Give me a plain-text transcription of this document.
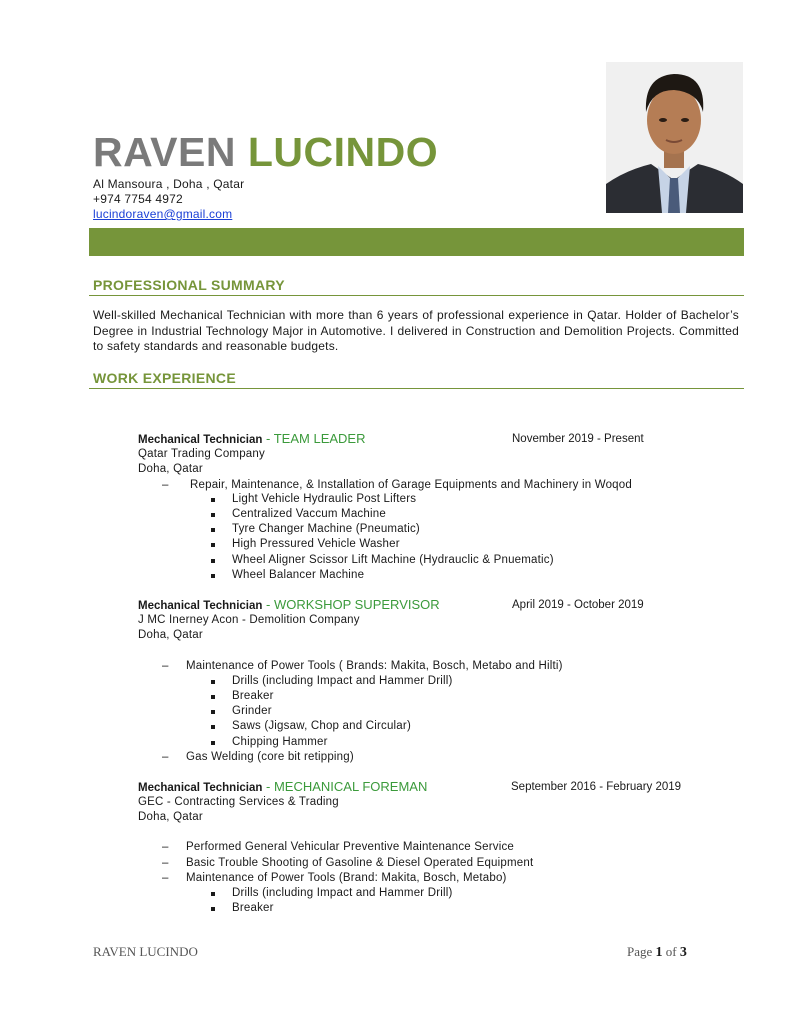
RAVEN LUCINDO
Al Mansoura , Doha , Qatar
+974 7754 4972
lucindoraven@gmail.com
PROFESSIONAL SUMMARY
Well-skilled Mechanical Technician with more than 6 years of professional experience in Qatar. Holder of Bachelor’s Degree in Industrial Technology Major in Automotive. I delivered in Construction and Demolition Projects. Committed to safety standards and reasonable budgets.
WORK EXPERIENCE
Mechanical Technician - TEAM LEADER	November 2019 - Present
Qatar Trading Company
Doha, Qatar
– Repair, Maintenance, & Installation of Garage Equipments and Machinery in Woqod
Light Vehicle Hydraulic Post Lifters
Centralized Vaccum Machine
Tyre Changer Machine (Pneumatic)
High Pressured Vehicle Washer
Wheel Aligner Scissor Lift Machine (Hydrauclic & Pnuematic)
Wheel Balancer Machine
Mechanical Technician - WORKSHOP SUPERVISOR	April 2019 - October 2019
J MC Inerney Acon - Demolition Company
Doha, Qatar
– Maintenance of Power Tools ( Brands: Makita, Bosch, Metabo and Hilti)
Drills (including Impact and Hammer Drill)
Breaker
Grinder
Saws (Jigsaw, Chop and Circular)
Chipping Hammer
– Gas Welding (core bit retipping)
Mechanical Technician - MECHANICAL FOREMAN	September 2016 - February 2019
GEC - Contracting Services & Trading
Doha, Qatar
– Performed General Vehicular Preventive Maintenance Service
– Basic Trouble Shooting of Gasoline & Diesel Operated Equipment
– Maintenance of Power Tools (Brand: Makita, Bosch, Metabo)
Drills (including Impact and Hammer Drill)
Breaker
RAVEN LUCINDO	Page 1 of 3
